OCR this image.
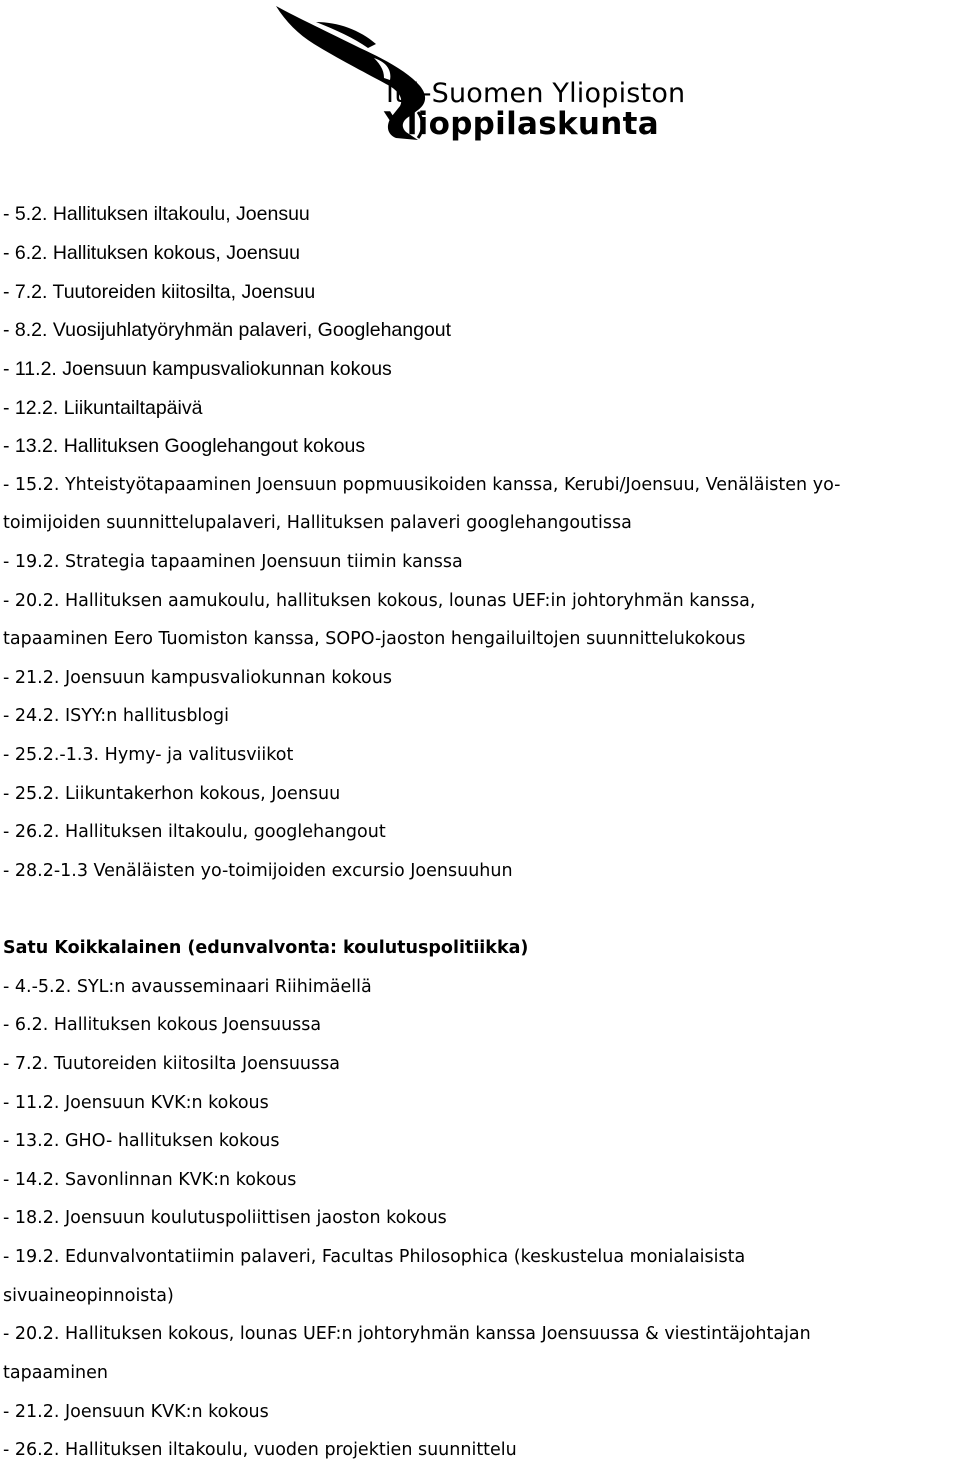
Itä-Suomen Yliopiston
Ylioppilaskunta
- 5.2. Hallituksen iltakoulu, Joensuu
- 6.2. Hallituksen kokous, Joensuu
- 7.2. Tuutoreiden kiitosilta, Joensuu
- 8.2. Vuosijuhlatyöryhmän palaveri, Googlehangout
- 11.2. Joensuun kampusvaliokunnan kokous
- 12.2. Liikuntailtapäivä
- 13.2. Hallituksen Googlehangout kokous
- 15.2. Yhteistyötapaaminen Joensuun popmuusikoiden kanssa, Kerubi/Joensuu, Venäläisten yo-
toimijoiden suunnittelupalaveri, Hallituksen palaveri googlehangoutissa
- 19.2. Strategia tapaaminen Joensuun tiimin kanssa
- 20.2. Hallituksen aamukoulu, hallituksen kokous, lounas UEF:in johtoryhmän kanssa,
tapaaminen Eero Tuomiston kanssa, SOPO-jaoston hengailuiltojen suunnittelukokous
- 21.2. Joensuun kampusvaliokunnan kokous
- 24.2. ISYY:n hallitusblogi
- 25.2.-1.3. Hymy- ja valitusviikot
- 25.2. Liikuntakerhon kokous, Joensuu
- 26.2. Hallituksen iltakoulu, googlehangout
- 28.2-1.3 Venäläisten yo-toimijoiden excursio Joensuuhun
Satu Koikkalainen (edunvalvonta: koulutuspolitiikka)
- 4.-5.2. SYL:n avausseminaari Riihimäellä
- 6.2. Hallituksen kokous Joensuussa
- 7.2. Tuutoreiden kiitosilta Joensuussa
- 11.2. Joensuun KVK:n kokous
- 13.2. GHO- hallituksen kokous
- 14.2. Savonlinnan KVK:n kokous
- 18.2. Joensuun koulutuspoliittisen jaoston kokous
- 19.2. Edunvalvontatiimin palaveri, Facultas Philosophica (keskustelua monialaisista
sivuaineopinnoista)
- 20.2. Hallituksen kokous, lounas UEF:n johtoryhmän kanssa Joensuussa & viestintäjohtajan
tapaaminen
- 21.2. Joensuun KVK:n kokous
- 26.2. Hallituksen iltakoulu, vuoden projektien suunnittelu
